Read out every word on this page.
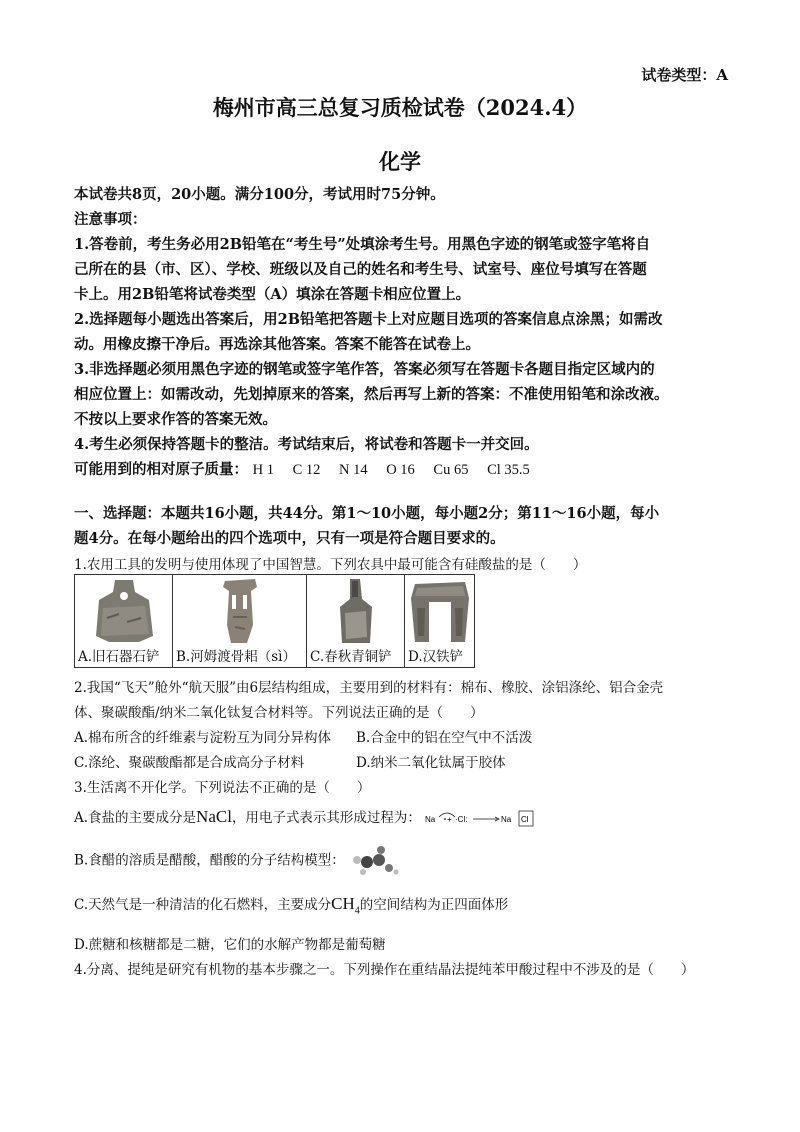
试卷类型：A
梅州市高三总复习质检试卷（2024.4）
化学
本试卷共8页，20小题。满分100分，考试用时75分钟。
注意事项：
1.答卷前，考生务必用2B铅笔在“考生号”处填涂考生号。用黑色字迹的钢笔或签字笔将自
己所在的县（市、区）、学校、班级以及自己的姓名和考生号、试室号、座位号填写在答题
卡上。用2B铅笔将试卷类型（A）填涂在答题卡相应位置上。
2.选择题每小题选出答案后，用2B铅笔把答题卡上对应题目选项的答案信息点涂黑；如需改
动。用橡皮擦干净后。再选涂其他答案。答案不能答在试卷上。
3.非选择题必须用黑色字迹的钢笔或签字笔作答，答案必须写在答题卡各题目指定区域内的
相应位置上：如需改动，先划掉原来的答案，然后再写上新的答案：不准使用铅笔和涂改液。
不按以上要求作答的答案无效。
4.考生必须保持答题卡的整洁。考试结束后，将试卷和答题卡一并交回。
可能用到的相对原子质量： H 1 C 12 N 14 O 16 Cu 65 Cl 35.5
一、选择题：本题共16小题，共44分。第1～10小题，每小题2分；第11～16小题，每小
题4分。在每小题给出的四个选项中，只有一项是符合题目要求的。
1.农用工具的发明与使用体现了中国智慧。下列农具中最可能含有硅酸盐的是（　　）
A.旧石器石铲	B.河姆渡骨耜（sì）	C.春秋青铜铲	D.汉铁铲
2.我国“飞天”舱外“航天服”由6层结构组成，主要用到的材料有：棉布、橡胶、涂铝涤纶、铝合金壳
体、聚碳酸酯/纳米二氧化钛复合材料等。下列说法正确的是（　　）
A.棉布所含的纤维素与淀粉互为同分异构体 B.合金中的铝在空气中不活泼
C.涤纶、聚碳酸酯都是合成高分子材料	D.纳米二氧化钛属于胶体
3.生活离不开化学。下列说法不正确的是（　　）
A.食盐的主要成分是NaCl，用电子式表示其形成过程为： Na + ·Cl:	Na Cl
B.食醋的溶质是醋酸，醋酸的分子结构模型：
C.天然气是一种清洁的化石燃料，主要成分$CH_4$的空间结构为正四面体形
D.蔗糖和核糖都是二糖，它们的水解产物都是葡萄糖
4.分离、提纯是研究有机物的基本步骤之一。下列操作在重结晶法提纯苯甲酸过程中不涉及的是（　　）
